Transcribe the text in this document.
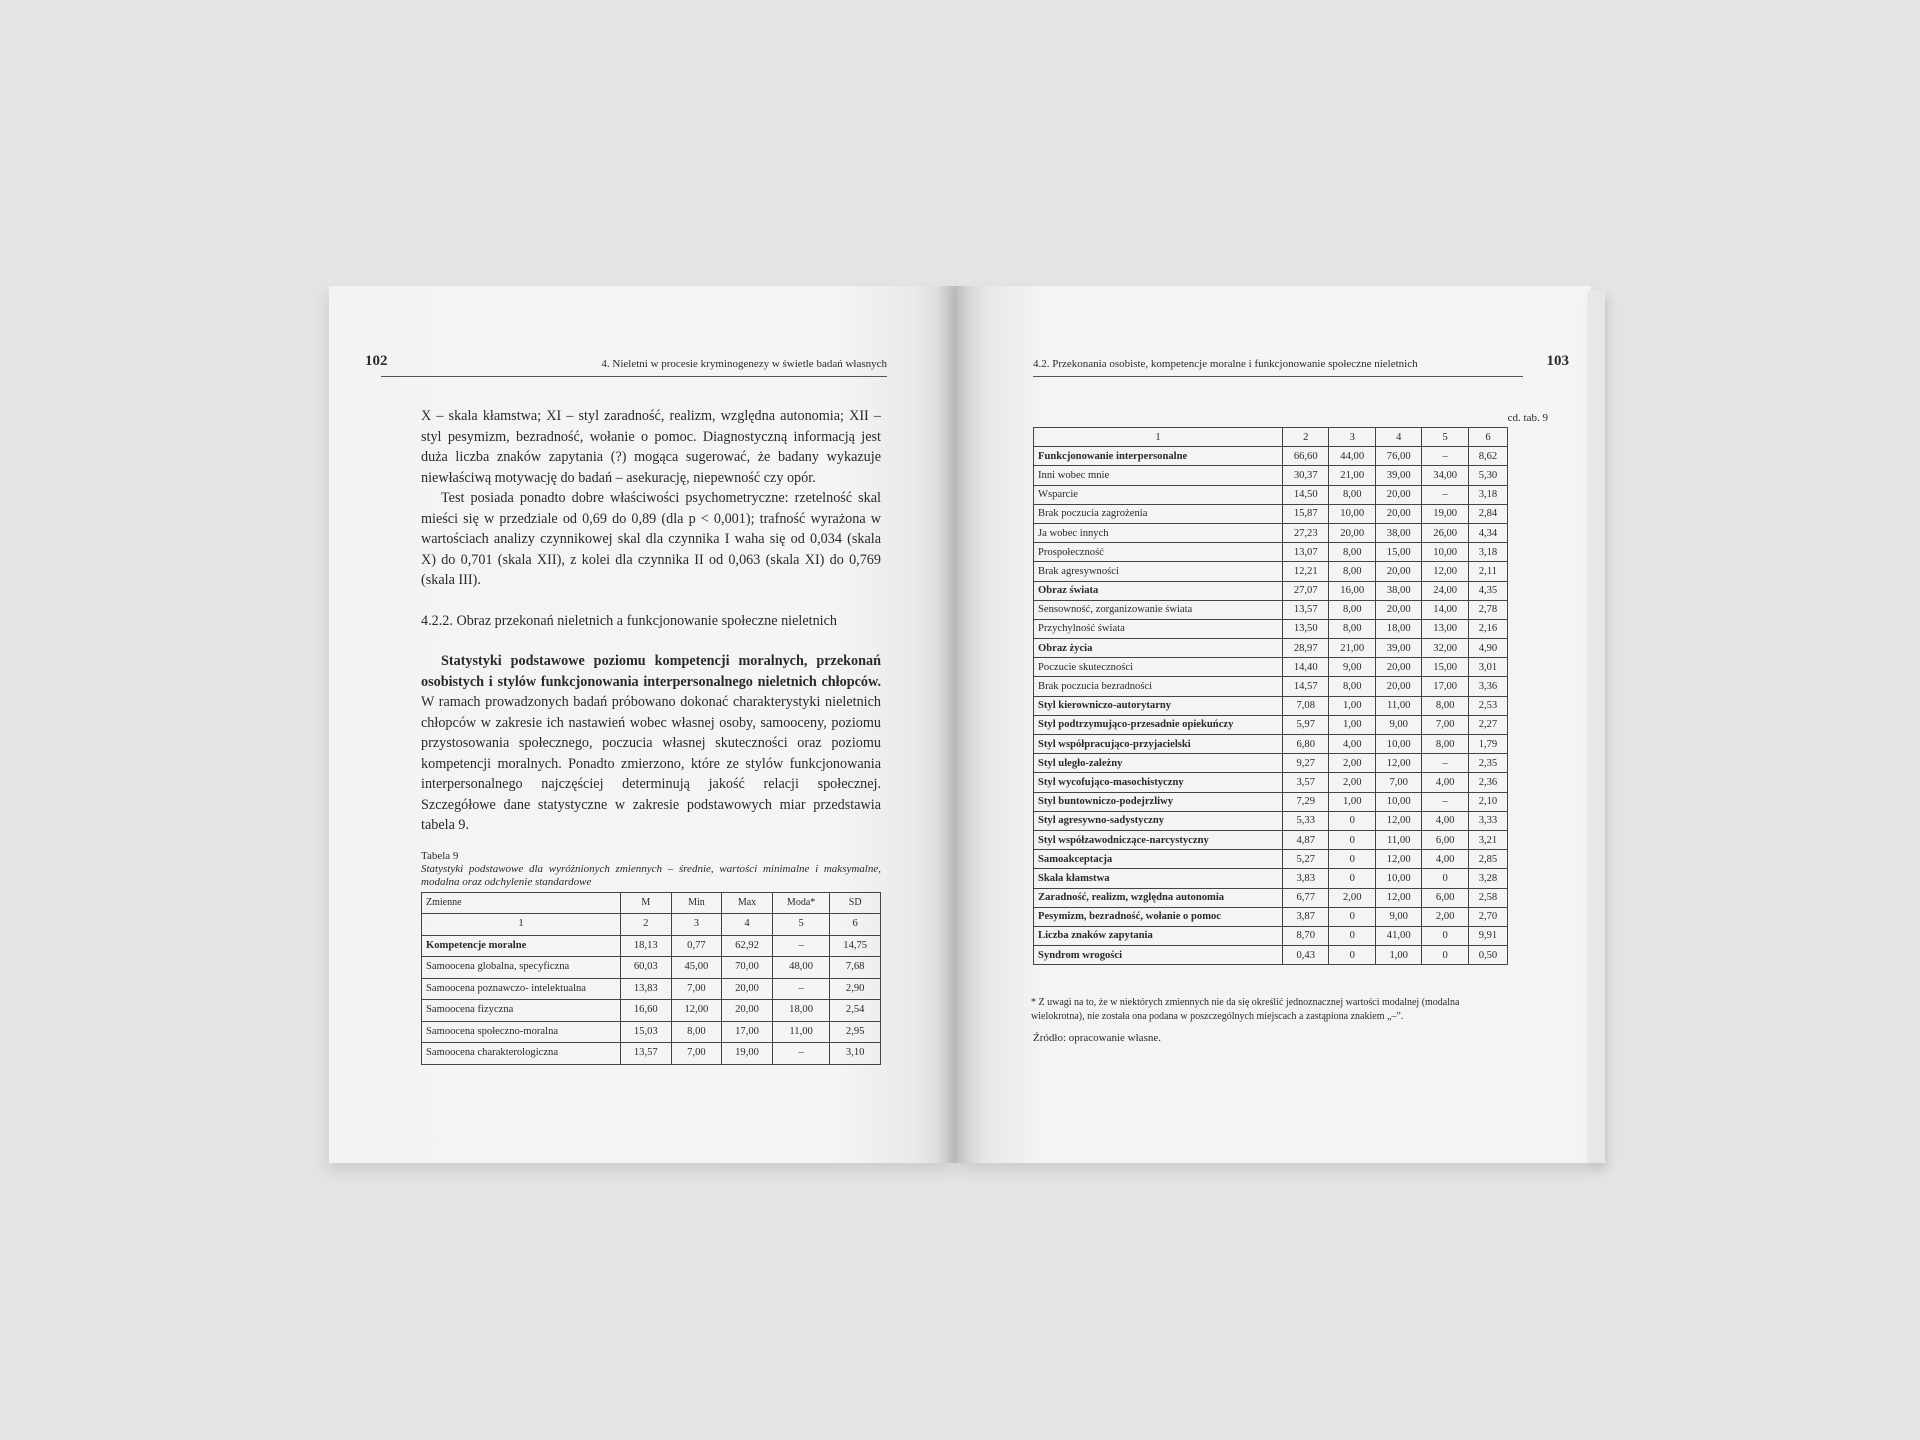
102	4. Nieletni w procesie kryminogenezy w świetle badań własnych

X – skala kłamstwa; XI – styl zaradność, realizm, względna autonomia; XII – styl pesymizm, bezradność, wołanie o pomoc. Diagnostyczną informacją jest duża liczba znaków zapytania (?) mogąca sugerować, że badany wykazuje niewłaściwą motywację do badań – asekurację, niepewność czy opór.

Test posiada ponadto dobre właściwości psychometryczne: rzetelność skal mieści się w przedziale od 0,69 do 0,89 (dla p < 0,001); trafność wyrażona w wartościach analizy czynnikowej skal dla czynnika I waha się od 0,034 (skala X) do 0,701 (skala XII), z kolei dla czynnika II od 0,063 (skala XI) do 0,769 (skala III).

4.2.2. Obraz przekonań nieletnich a funkcjonowanie społeczne nieletnich

Statystyki podstawowe poziomu kompetencji moralnych, przekonań osobistych i stylów funkcjonowania interpersonalnego nieletnich chłopców. W ramach prowadzonych badań próbowano dokonać charakterystyki nieletnich chłopców w zakresie ich nastawień wobec własnej osoby, samooceny, poziomu przystosowania społecznego, poczucia własnej skuteczności oraz poziomu kompetencji moralnych. Ponadto zmierzono, które ze stylów funkcjonowania interpersonalnego najczęściej determinują jakość relacji społecznej. Szczegółowe dane statystyczne w zakresie podstawowych miar przedstawia tabela 9.

Tabela 9
Statystyki podstawowe dla wyróżnionych zmiennych – średnie, wartości minimalne i maksymalne, modalna oraz odchylenie standardowe
Zmienne	M	Min	Max	Moda*	SD
1	2	3	4	5	6
Kompetencje moralne	18,13	0,77	62,92	–	14,75
Samoocena globalna, specyficzna	60,03	45,00	70,00	48,00	7,68
Samoocena poznawczo- intelektualna	13,83	7,00	20,00	–	2,90
Samoocena fizyczna	16,60	12,00	20,00	18,00	2,54
Samoocena społeczno-moralna	15,03	8,00	17,00	11,00	2,95
Samoocena charakterologiczna	13,57	7,00	19,00	–	3,10
4.2. Przekonania osobiste, kompetencje moralne i funkcjonowanie społeczne nieletnich	103
cd. tab. 9
1	2	3	4	5	6
Funkcjonowanie interpersonalne	66,60	44,00	76,00	–	8,62
Inni wobec mnie	30,37	21,00	39,00	34,00	5,30
Wsparcie	14,50	8,00	20,00	–	3,18
Brak poczucia zagrożenia	15,87	10,00	20,00	19,00	2,84
Ja wobec innych	27,23	20,00	38,00	26,00	4,34
Prospołeczność	13,07	8,00	15,00	10,00	3,18
Brak agresywności	12,21	8,00	20,00	12,00	2,11
Obraz świata	27,07	16,00	38,00	24,00	4,35
Sensowność, zorganizowanie świata	13,57	8,00	20,00	14,00	2,78
Przychylność świata	13,50	8,00	18,00	13,00	2,16
Obraz życia	28,97	21,00	39,00	32,00	4,90
Poczucie skuteczności	14,40	9,00	20,00	15,00	3,01
Brak poczucia bezradności	14,57	8,00	20,00	17,00	3,36
Styl kierowniczo-autorytarny	7,08	1,00	11,00	8,00	2,53
Styl podtrzymująco-przesadnie opiekuńczy	5,97	1,00	9,00	7,00	2,27
Styl współpracująco-przyjacielski	6,80	4,00	10,00	8,00	1,79
Styl uległo-zależny	9,27	2,00	12,00	–	2,35
Styl wycofująco-masochistyczny	3,57	2,00	7,00	4,00	2,36
Styl buntowniczo-podejrzliwy	7,29	1,00	10,00	–	2,10
Styl agresywno-sadystyczny	5,33	0	12,00	4,00	3,33
Styl współzawodniczące-narcystyczny	4,87	0	11,00	6,00	3,21
Samoakceptacja	5,27	0	12,00	4,00	2,85
Skala kłamstwa	3,83	0	10,00	0	3,28
Zaradność, realizm, względna autonomia	6,77	2,00	12,00	6,00	2,58
Pesymizm, bezradność, wołanie o pomoc	3,87	0	9,00	2,00	2,70
Liczba znaków zapytania	8,70	0	41,00	0	9,91
Syndrom wrogości	0,43	0	1,00	0	0,50
* Z uwagi na to, że w niektórych zmiennych nie da się określić jednoznacznej wartości modalnej (modalna wielokrotna), nie została ona podana w poszczególnych miejscach a zastąpiona znakiem „–”.
Źródło: opracowanie własne.
